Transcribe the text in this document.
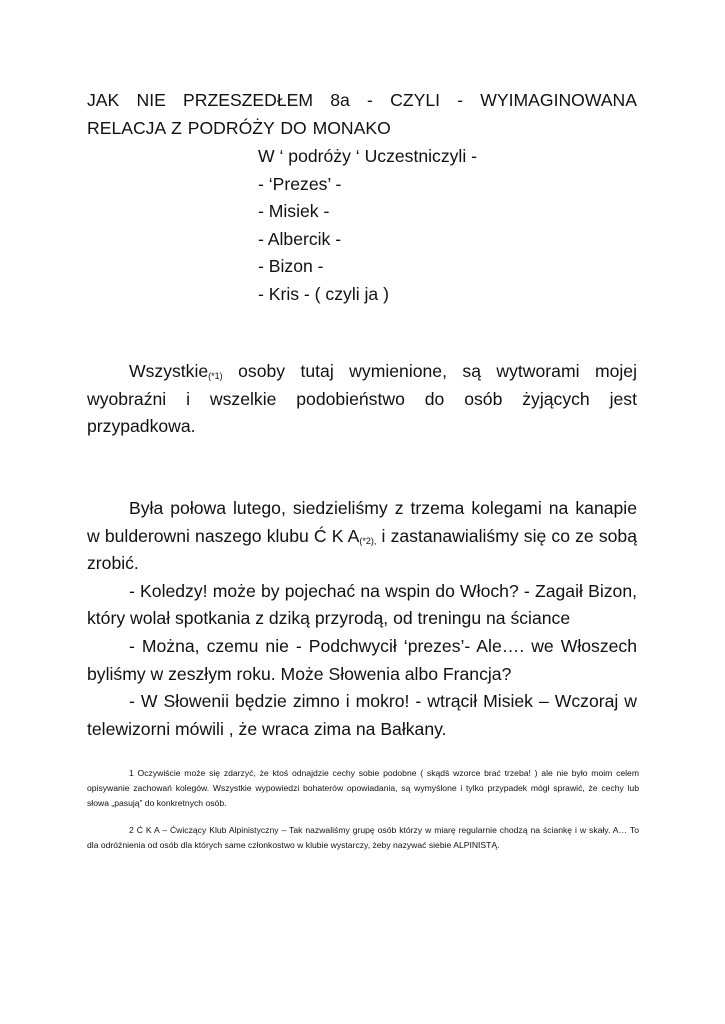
JAK NIE PRZESZEDŁEM 8a - CZYLI - WYIMAGINOWANA RELACJA Z PODRÓŻY DO MONAKO
W ‘ podróży ‘ Uczestniczyli -
- ‘Prezes’ -
- Misiek -
- Albercik -
- Bizon -
- Kris - ( czyli ja )
Wszystkie$_{(*1)}$ osoby tutaj wymienione, są wytworami mojej wyobraźni i wszelkie podobieństwo do osób żyjących jest przypadkowa.
Była połowa lutego, siedzieliśmy z trzema kolegami na kanapie w bulderowni naszego klubu Ć K $A_{(*2),}$ i zastanawialiśmy się co ze sobą zrobić.
- Koledzy! może by pojechać na wspin do Włoch? - Zagaił Bizon, który wolał spotkania z dziką przyrodą, od treningu na ściance
- Można, czemu nie - Podchwycił ‘prezes’- Ale…. we Włoszech byliśmy w zeszłym roku. Może Słowenia albo Francja?
- W Słowenii będzie zimno i mokro! - wtrącił Misiek – Wczoraj w telewizorni mówili , że wraca zima na Bałkany.
1 Oczywiście może się zdarzyć, że ktoś odnajdzie cechy sobie podobne ( skądś wzorce brać trzeba! ) ale nie było moim celem opisywanie zachowań kolegów. Wszystkie wypowiedzi bohaterów opowiadania, są wymyślone i tylko przypadek mógł sprawić, że cechy lub słowa „pasują” do konkretnych osób.
2 Ć K A – Ćwiczący Klub Alpinistyczny – Tak nazwaliśmy grupę osób którzy w miarę regularnie chodzą na ściankę i w skały. A… To dla odróżnienia od osób dla których same członkostwo w klubie wystarczy, żeby nazywać siebie ALPINISTĄ.
